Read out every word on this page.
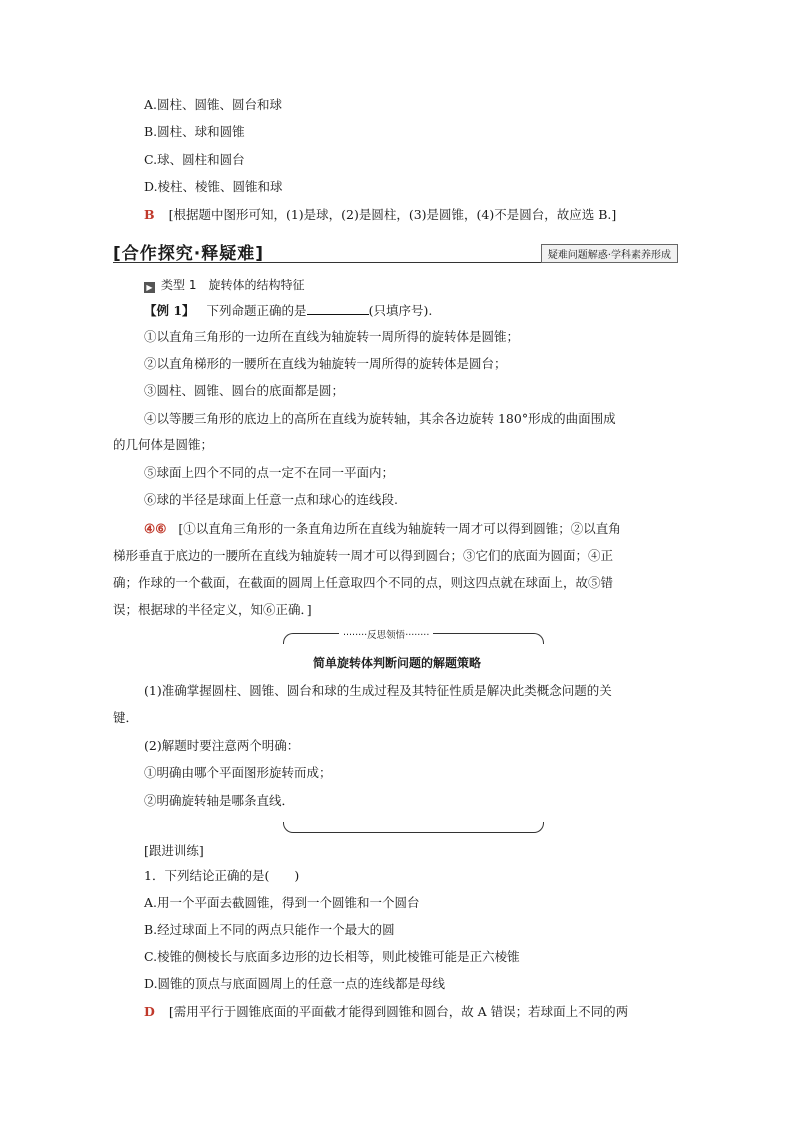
A.圆柱、圆锥、圆台和球
B.圆柱、球和圆锥
C.球、圆柱和圆台
D.棱柱、棱锥、圆锥和球
B [根据题中图形可知，(1)是球，(2)是圆柱，(3)是圆锥，(4)不是圆台，故应选 B.]
[合作探究·释疑难]	疑难问题解惑·学科素养形成
▶ 类型 1　旋转体的结构特征
【例 1】 下列命题正确的是	(只填序号).
①以直角三角形的一边所在直线为轴旋转一周所得的旋转体是圆锥；
②以直角梯形的一腰所在直线为轴旋转一周所得的旋转体是圆台；
③圆柱、圆锥、圆台的底面都是圆；
④以等腰三角形的底边上的高所在直线为旋转轴，其余各边旋转 180°形成的曲面围成
的几何体是圆锥；
⑤球面上四个不同的点一定不在同一平面内；
⑥球的半径是球面上任意一点和球心的连线段.
④⑥ [①以直角三角形的一条直角边所在直线为轴旋转一周才可以得到圆锥；②以直角
梯形垂直于底边的一腰所在直线为轴旋转一周才可以得到圆台；③它们的底面为圆面；④正
确；作球的一个截面，在截面的圆周上任意取四个不同的点，则这四点就在球面上，故⑤错
误；根据球的半径定义，知⑥正确．]
········反思领悟········
简单旋转体判断问题的解题策略
(1)准确掌握圆柱、圆锥、圆台和球的生成过程及其特征性质是解决此类概念问题的关
键．
(2)解题时要注意两个明确：
①明确由哪个平面图形旋转而成；
②明确旋转轴是哪条直线．
[跟进训练]
1．下列结论正确的是(　　)
A.用一个平面去截圆锥，得到一个圆锥和一个圆台
B.经过球面上不同的两点只能作一个最大的圆
C.棱锥的侧棱长与底面多边形的边长相等，则此棱锥可能是正六棱锥
D.圆锥的顶点与底面圆周上的任意一点的连线都是母线
D [需用平行于圆锥底面的平面截才能得到圆锥和圆台，故 A 错误；若球面上不同的两
